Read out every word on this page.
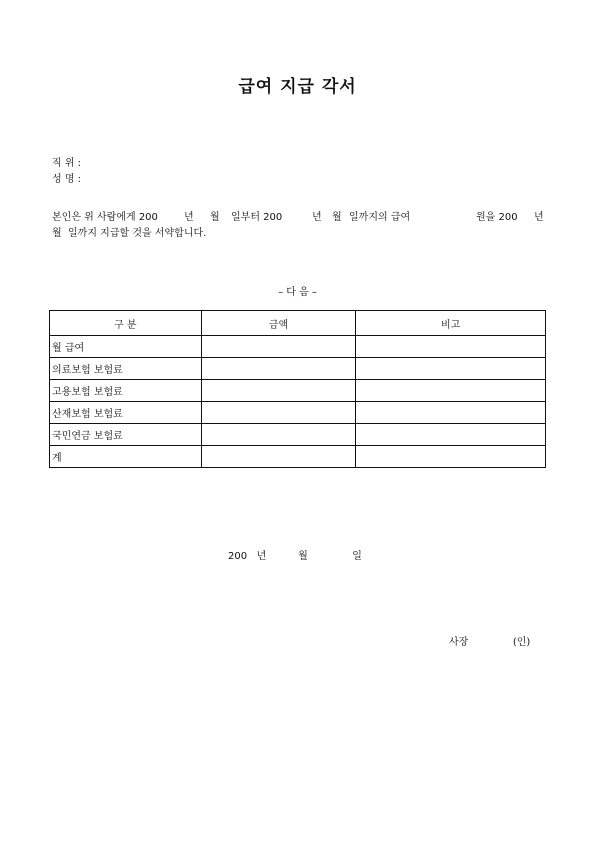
급여 지급 각서
직 위 :
성 명 :
본인은 위 사람에게 200	년 월 일부터 200	년 월 일까지의 급여	원을 200 년
월  일까지 지급할 것을 서약합니다.
– 다 음 –
구 분	금액	비고
월 급여		
의료보험 보험료		
고용보험 보험료		
산재보험 보험료		
국민연금 보험료		
계		
200   년          월              일
사장              (인)
